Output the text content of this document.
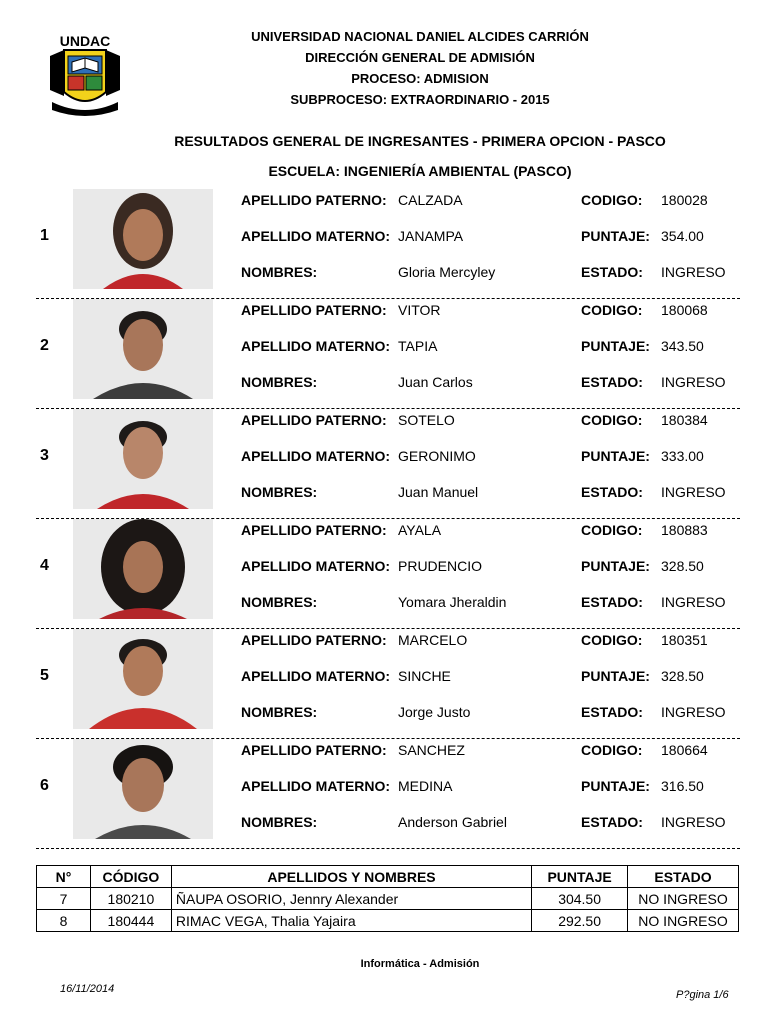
UNDAC	UNIVERSIDAD NACIONAL DANIEL ALCIDES CARRIÓN
DIRECCIÓN GENERAL DE ADMISIÓN
PROCESO: ADMISION
SUBPROCESO: EXTRAORDINARIO - 2015
RESULTADOS GENERAL DE INGRESANTES - PRIMERA OPCION - PASCO
ESCUELA: INGENIERÍA AMBIENTAL (PASCO)
1
APELLIDO PATERNO: CALZADA	CODIGO: 180028
APELLIDO MATERNO: JANAMPA	PUNTAJE: 354.00
NOMBRES:	Gloria Mercyley	ESTADO: INGRESO
2
APELLIDO PATERNO: VITOR	CODIGO: 180068
APELLIDO MATERNO: TAPIA	PUNTAJE: 343.50
NOMBRES:	Juan Carlos	ESTADO: INGRESO
3
APELLIDO PATERNO: SOTELO	CODIGO: 180384
APELLIDO MATERNO: GERONIMO	PUNTAJE: 333.00
NOMBRES:	Juan Manuel	ESTADO: INGRESO
4
APELLIDO PATERNO: AYALA	CODIGO: 180883
APELLIDO MATERNO: PRUDENCIO	PUNTAJE: 328.50
NOMBRES:	Yomara Jheraldin	ESTADO: INGRESO
5
APELLIDO PATERNO: MARCELO	CODIGO: 180351
APELLIDO MATERNO: SINCHE	PUNTAJE: 328.50
NOMBRES:	Jorge Justo	ESTADO: INGRESO
6
APELLIDO PATERNO: SANCHEZ	CODIGO: 180664
APELLIDO MATERNO: MEDINA	PUNTAJE: 316.50
NOMBRES:	Anderson Gabriel	ESTADO: INGRESO
N°	CÓDIGO	APELLIDOS Y NOMBRES	PUNTAJE	ESTADO
7	180210	ÑAUPA OSORIO, Jennry Alexander	304.50	NO INGRESO
8	180444	RIMAC VEGA, Thalia Yajaira	292.50	NO INGRESO
Informática - Admisión
16/11/2014	P?gina 1/6
